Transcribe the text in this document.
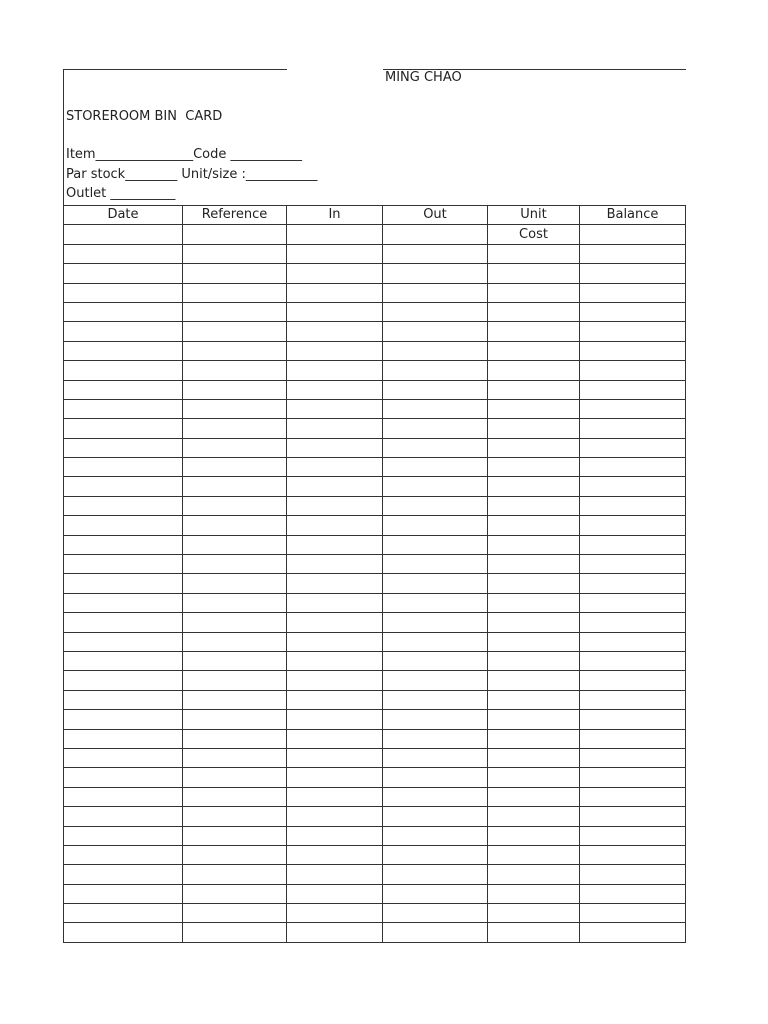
MING CHAO
STOREROOM BIN  CARD
Item_______________Code ___________
Par stock________ Unit/size :___________
Outlet __________
Date	Reference	In	Out	Unit	Balance
				Cost	
